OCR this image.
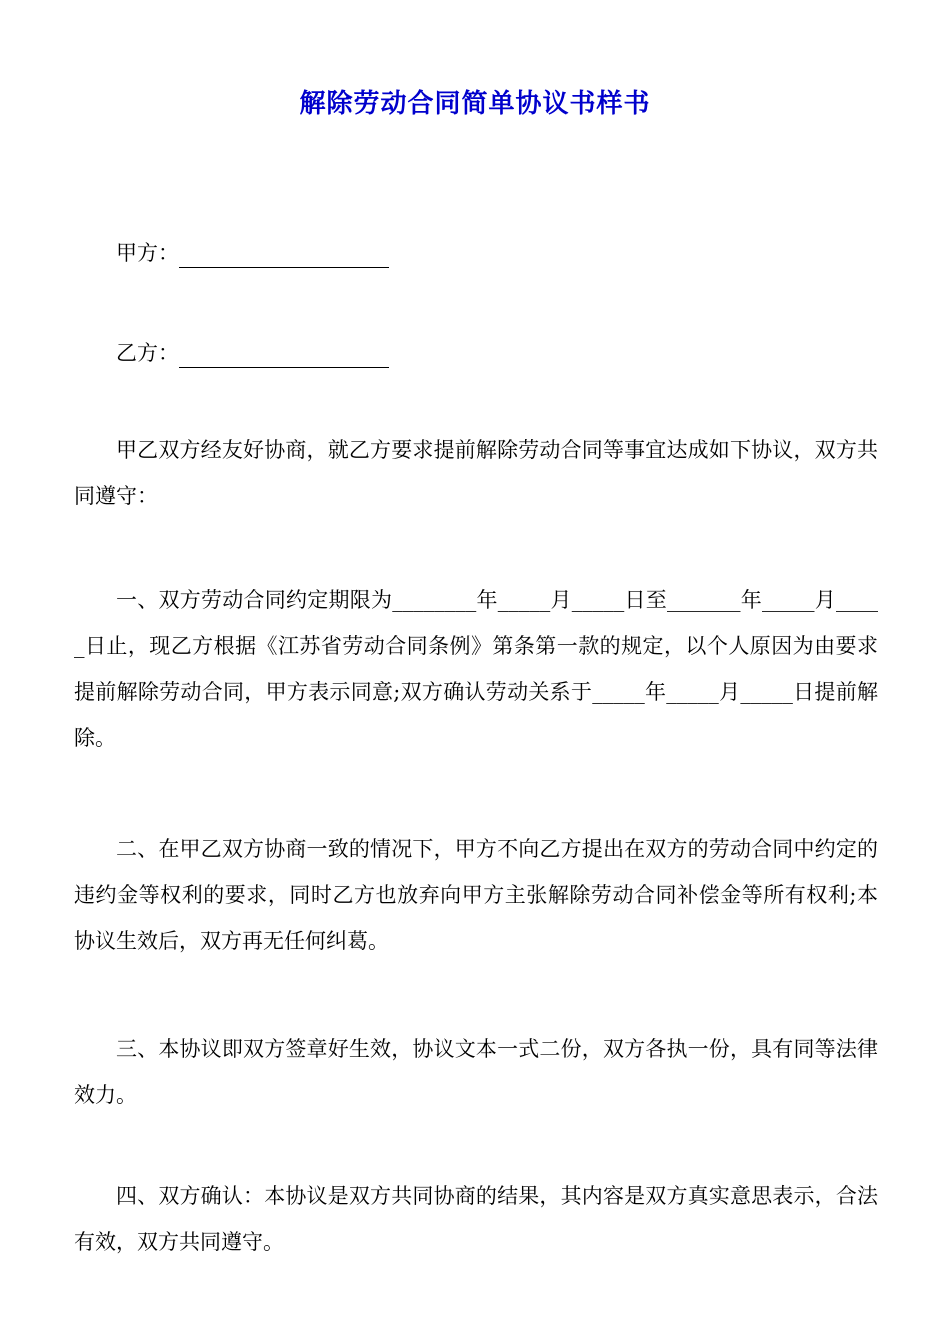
解除劳动合同简单协议书样书
甲方：
乙方：

甲乙双方经友好协商，就乙方要求提前解除劳动合同等事宜达成如下协议，双方共同遵守：

一、双方劳动合同约定期限为________年_____月_____日至_______年_____月_____日止，现乙方根据《江苏省劳动合同条例》第条第一款的规定，以个人原因为由要求提前解除劳动合同，甲方表示同意;双方确认劳动关系于_____年_____月_____日提前解除。

二、在甲乙双方协商一致的情况下，甲方不向乙方提出在双方的劳动合同中约定的违约金等权利的要求，同时乙方也放弃向甲方主张解除劳动合同补偿金等所有权利;本协议生效后，双方再无任何纠葛。

三、本协议即双方签章好生效，协议文本一式二份，双方各执一份，具有同等法律效力。

四、双方确认：本协议是双方共同协商的结果，其内容是双方真实意思表示，合法有效，双方共同遵守。
